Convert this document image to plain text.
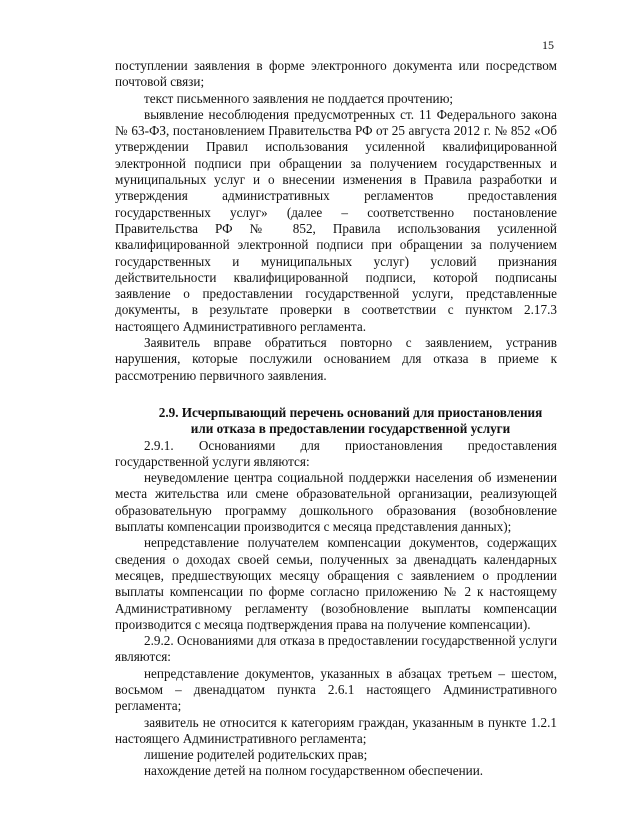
15

поступлении заявления в форме электронного документа или посредством почтовой связи;

текст письменного заявления не поддается прочтению;

выявление несоблюдения предусмотренных ст. 11 Федерального закона № 63-ФЗ, постановлением Правительства РФ от 25 августа 2012 г. № 852 «Об утверждении Правил использования усиленной квалифицированной электронной подписи при обращении за получением государственных и муниципальных услуг и о внесении изменения в Правила разработки и утверждения административных регламентов предоставления государственных услуг» (далее – соответственно постановление Правительства РФ № 852, Правила использования усиленной квалифицированной электронной подписи при обращении за получением государственных и муниципальных услуг) условий признания действительности квалифицированной подписи, которой подписаны заявление о предоставлении государственной услуги, представленные документы, в результате проверки в соответствии с пунктом 2.17.3 настоящего Административного регламента.

Заявитель вправе обратиться повторно с заявлением, устранив нарушения, которые послужили основанием для отказа в приеме к рассмотрению первичного заявления.

2.9. Исчерпывающий перечень оснований для приостановления
или отказа в предоставлении государственной услуги

2.9.1. Основаниями для приостановления предоставления государственной услуги являются:

неуведомление центра социальной поддержки населения об изменении места жительства или смене образовательной организации, реализующей образовательную программу дошкольного образования (возобновление выплаты компенсации производится с месяца представления данных);

непредставление получателем компенсации документов, содержащих сведения о доходах своей семьи, полученных за двенадцать календарных месяцев, предшествующих месяцу обращения с заявлением о продлении выплаты компенсации по форме согласно приложению № 2 к настоящему Административному регламенту (возобновление выплаты компенсации производится с месяца подтверждения права на получение компенсации).

2.9.2. Основаниями для отказа в предоставлении государственной услуги являются:

непредставление документов, указанных в абзацах третьем – шестом, восьмом – двенадцатом пункта 2.6.1 настоящего Административного регламента;

заявитель не относится к категориям граждан, указанным в пункте 1.2.1 настоящего Административного регламента;

лишение родителей родительских прав;

нахождение детей на полном государственном обеспечении.
